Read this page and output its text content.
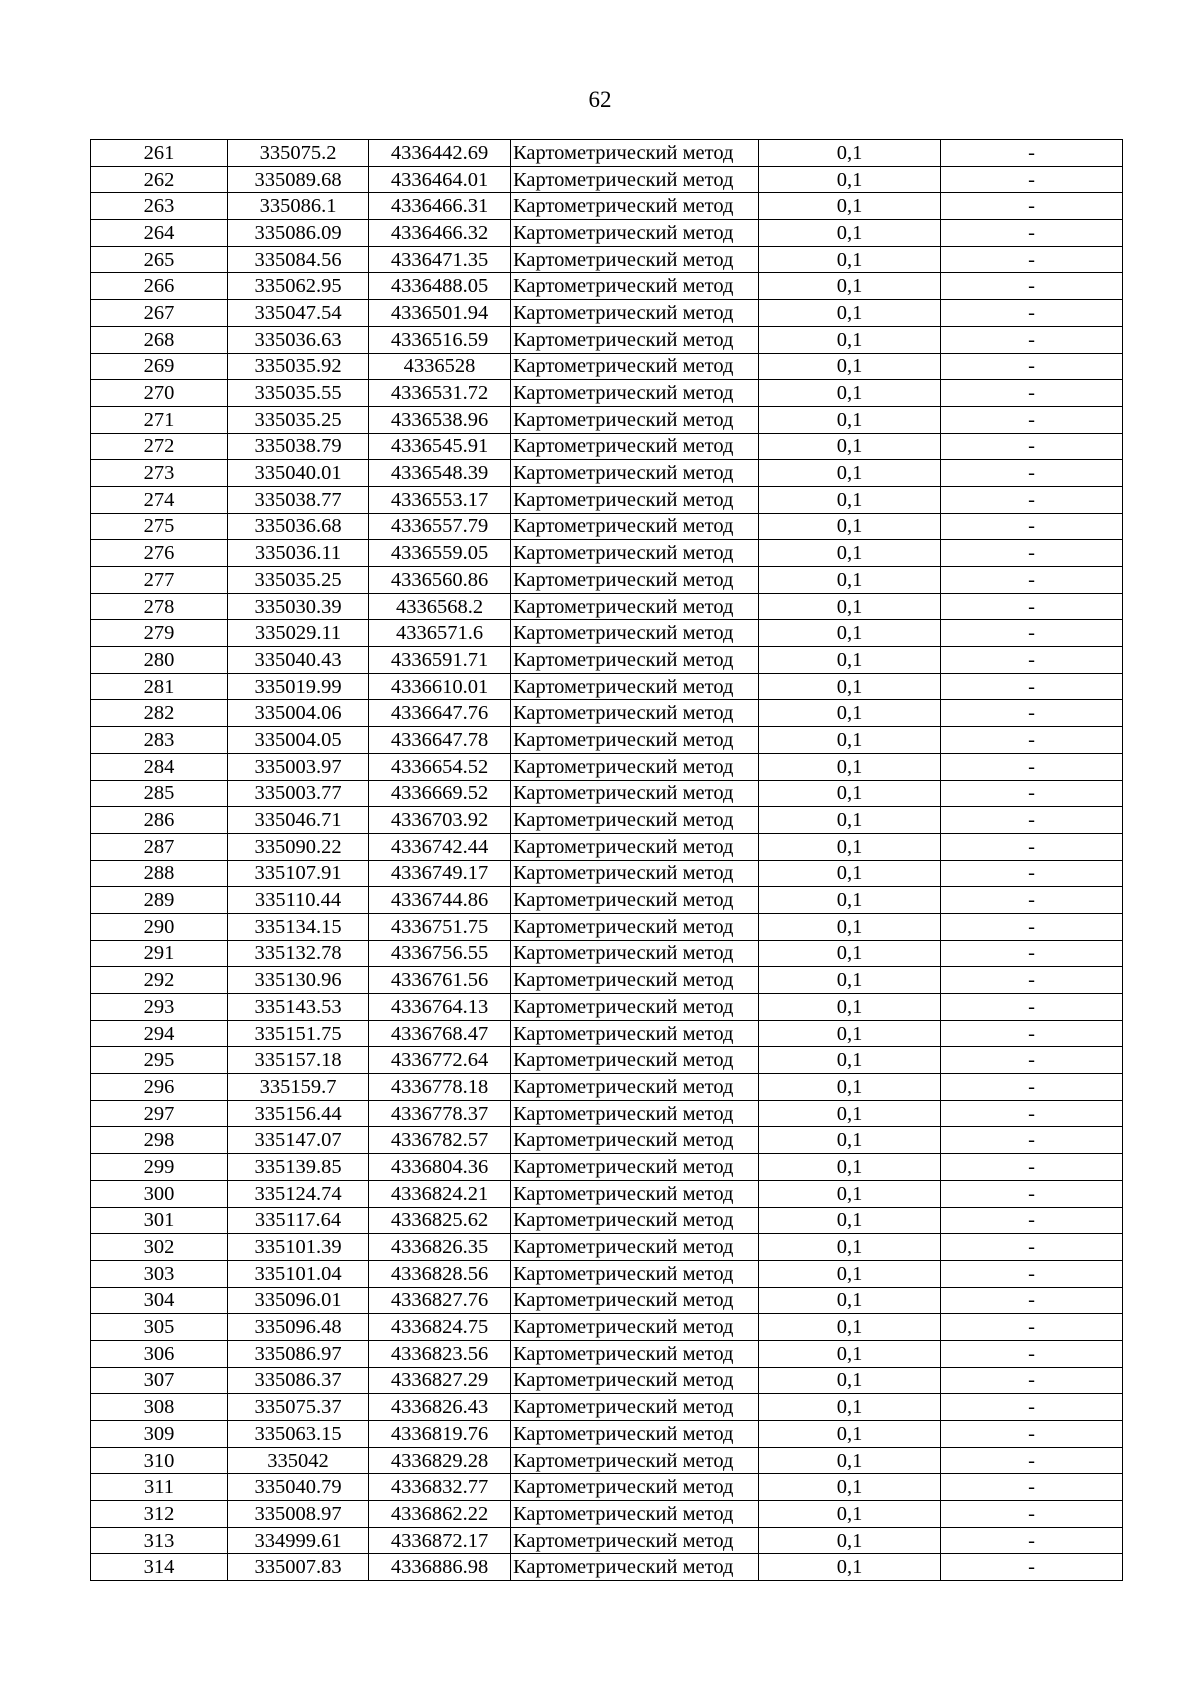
62
261	335075.2	4336442.69	Картометрический метод	0,1	-
262	335089.68	4336464.01	Картометрический метод	0,1	-
263	335086.1	4336466.31	Картометрический метод	0,1	-
264	335086.09	4336466.32	Картометрический метод	0,1	-
265	335084.56	4336471.35	Картометрический метод	0,1	-
266	335062.95	4336488.05	Картометрический метод	0,1	-
267	335047.54	4336501.94	Картометрический метод	0,1	-
268	335036.63	4336516.59	Картометрический метод	0,1	-
269	335035.92	4336528	Картометрический метод	0,1	-
270	335035.55	4336531.72	Картометрический метод	0,1	-
271	335035.25	4336538.96	Картометрический метод	0,1	-
272	335038.79	4336545.91	Картометрический метод	0,1	-
273	335040.01	4336548.39	Картометрический метод	0,1	-
274	335038.77	4336553.17	Картометрический метод	0,1	-
275	335036.68	4336557.79	Картометрический метод	0,1	-
276	335036.11	4336559.05	Картометрический метод	0,1	-
277	335035.25	4336560.86	Картометрический метод	0,1	-
278	335030.39	4336568.2	Картометрический метод	0,1	-
279	335029.11	4336571.6	Картометрический метод	0,1	-
280	335040.43	4336591.71	Картометрический метод	0,1	-
281	335019.99	4336610.01	Картометрический метод	0,1	-
282	335004.06	4336647.76	Картометрический метод	0,1	-
283	335004.05	4336647.78	Картометрический метод	0,1	-
284	335003.97	4336654.52	Картометрический метод	0,1	-
285	335003.77	4336669.52	Картометрический метод	0,1	-
286	335046.71	4336703.92	Картометрический метод	0,1	-
287	335090.22	4336742.44	Картометрический метод	0,1	-
288	335107.91	4336749.17	Картометрический метод	0,1	-
289	335110.44	4336744.86	Картометрический метод	0,1	-
290	335134.15	4336751.75	Картометрический метод	0,1	-
291	335132.78	4336756.55	Картометрический метод	0,1	-
292	335130.96	4336761.56	Картометрический метод	0,1	-
293	335143.53	4336764.13	Картометрический метод	0,1	-
294	335151.75	4336768.47	Картометрический метод	0,1	-
295	335157.18	4336772.64	Картометрический метод	0,1	-
296	335159.7	4336778.18	Картометрический метод	0,1	-
297	335156.44	4336778.37	Картометрический метод	0,1	-
298	335147.07	4336782.57	Картометрический метод	0,1	-
299	335139.85	4336804.36	Картометрический метод	0,1	-
300	335124.74	4336824.21	Картометрический метод	0,1	-
301	335117.64	4336825.62	Картометрический метод	0,1	-
302	335101.39	4336826.35	Картометрический метод	0,1	-
303	335101.04	4336828.56	Картометрический метод	0,1	-
304	335096.01	4336827.76	Картометрический метод	0,1	-
305	335096.48	4336824.75	Картометрический метод	0,1	-
306	335086.97	4336823.56	Картометрический метод	0,1	-
307	335086.37	4336827.29	Картометрический метод	0,1	-
308	335075.37	4336826.43	Картометрический метод	0,1	-
309	335063.15	4336819.76	Картометрический метод	0,1	-
310	335042	4336829.28	Картометрический метод	0,1	-
311	335040.79	4336832.77	Картометрический метод	0,1	-
312	335008.97	4336862.22	Картометрический метод	0,1	-
313	334999.61	4336872.17	Картометрический метод	0,1	-
314	335007.83	4336886.98	Картометрический метод	0,1	-
